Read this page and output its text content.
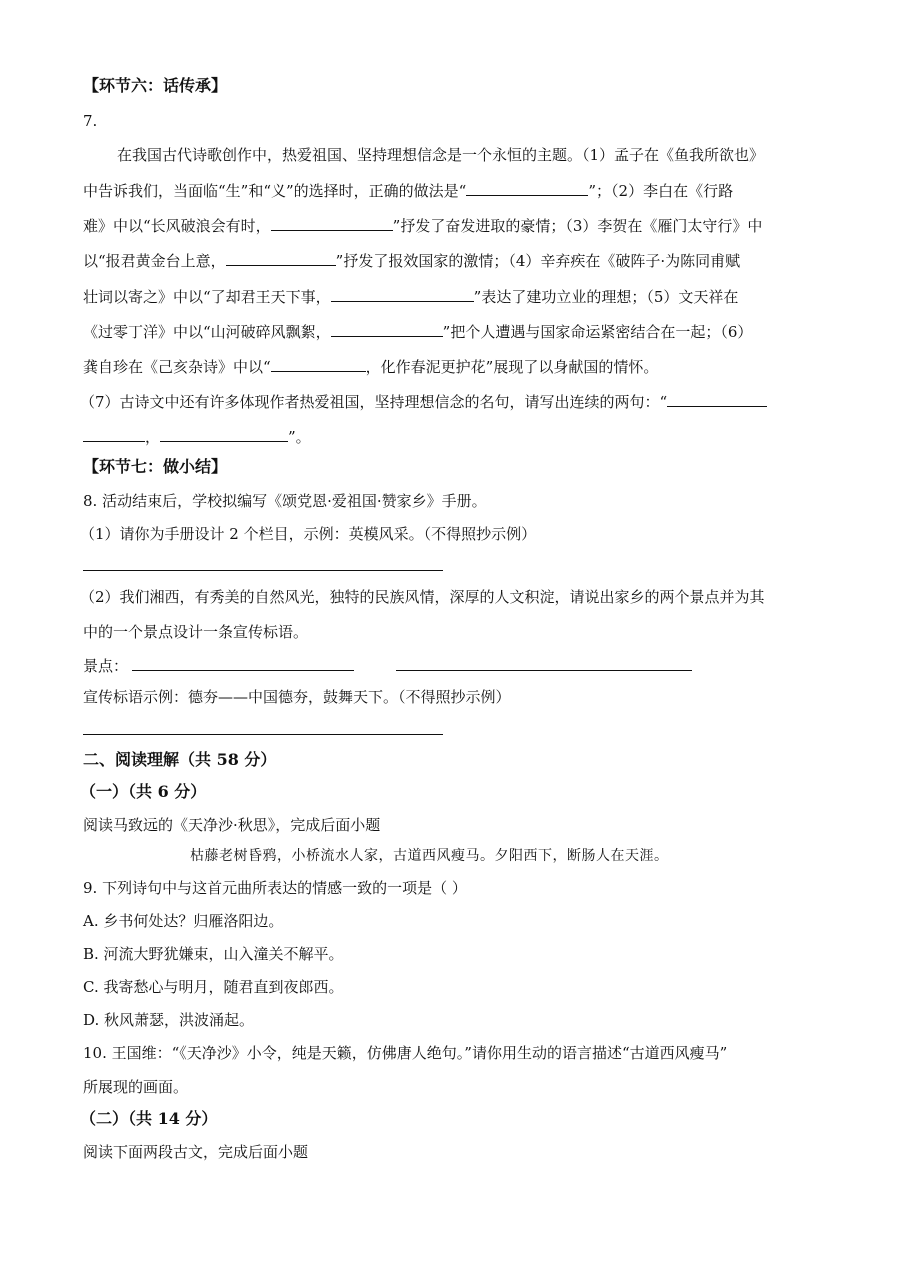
【环节六：话传承】
7.
在我国古代诗歌创作中，热爱祖国、坚持理想信念是一个永恒的主题。（1）孟子在《鱼我所欲也》
中告诉我们，当面临“生”和“义”的选择时，正确的做法是“	”；（2）李白在《行路
难》中以“长风破浪会有时，	”抒发了奋发进取的豪情；（3）李贺在《雁门太守行》中
以“报君黄金台上意，	”抒发了报效国家的激情；（4）辛弃疾在《破阵子·为陈同甫赋
壮词以寄之》中以“了却君王天下事，	”表达了建功立业的理想；（5）文天祥在
《过零丁洋》中以“山河破碎风飘絮，	”把个人遭遇与国家命运紧密结合在一起；（6）
龚自珍在《己亥杂诗》中以“	，化作春泥更护花”展现了以身献国的情怀。
（7）古诗文中还有许多体现作者热爱祖国，坚持理想信念的名句，请写出连续的两句：“
，	”。
【环节七：做小结】
8. 活动结束后，学校拟编写《颂党恩·爱祖国·赞家乡》手册。
（1）请你为手册设计 2 个栏目，示例：英模风采。（不得照抄示例）
（2）我们湘西，有秀美的自然风光，独特的民族风情，深厚的人文积淀，请说出家乡的两个景点并为其
中的一个景点设计一条宣传标语。
景点：
宣传标语示例：德夯——中国德夯，鼓舞天下。（不得照抄示例）
二、阅读理解（共 58 分）
（一）（共 6 分）
阅读马致远的《天净沙·秋思》，完成后面小题
枯藤老树昏鸦，小桥流水人家，古道西风瘦马。夕阳西下，断肠人在天涯。
9. 下列诗句中与这首元曲所表达的情感一致的一项是（ ）
A. 乡书何处达？归雁洛阳边。
B. 河流大野犹嫌束，山入潼关不解平。
C. 我寄愁心与明月，随君直到夜郎西。
D. 秋风萧瑟，洪波涌起。
10. 王国维：“《天净沙》小令，纯是天籁，仿佛唐人绝句。”请你用生动的语言描述“古道西风瘦马”
所展现的画面。
（二）（共 14 分）
阅读下面两段古文，完成后面小题
